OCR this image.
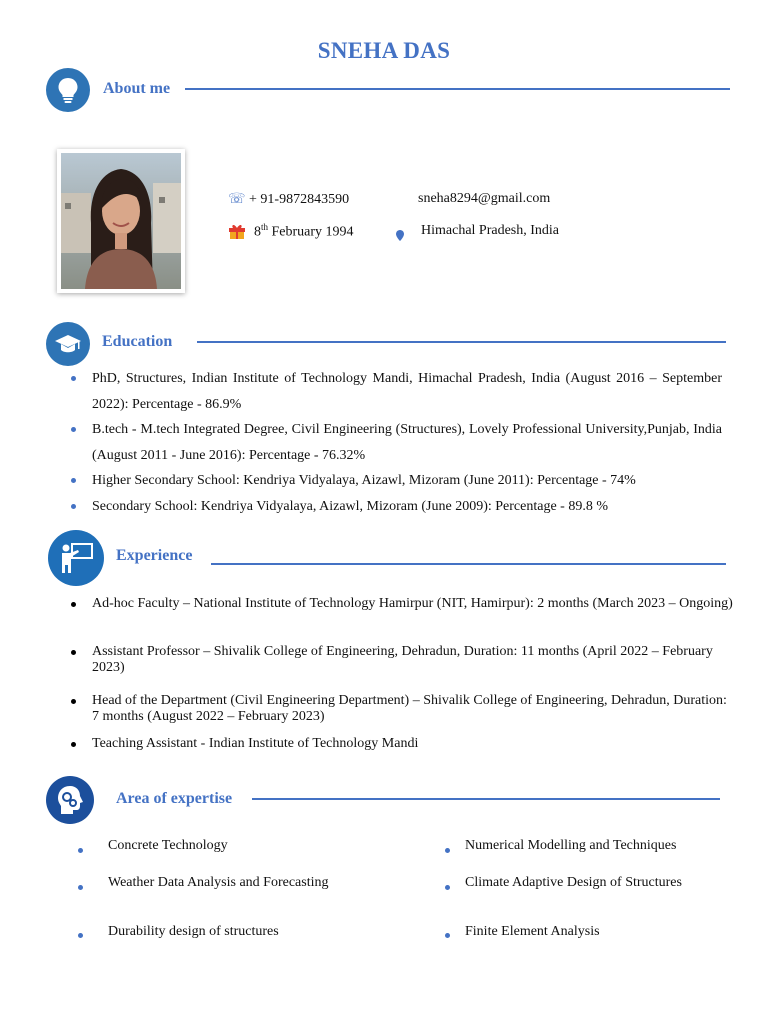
SNEHA DAS
About me
☏ + 91-9872843590	sneha8294@gmail.com
8th February 1994	Himachal Pradesh, India
Education
PhD, Structures, Indian Institute of Technology Mandi, Himachal Pradesh, India (August 2016 – September 2022): Percentage - 86.9%
B.tech - M.tech Integrated Degree, Civil Engineering (Structures), Lovely Professional University,Punjab, India (August 2011 - June 2016): Percentage - 76.32%
Higher Secondary School: Kendriya Vidyalaya, Aizawl, Mizoram (June 2011): Percentage - 74%
Secondary School: Kendriya Vidyalaya, Aizawl, Mizoram (June 2009): Percentage - 89.8 %
Experience
Ad-hoc Faculty – National Institute of Technology Hamirpur (NIT, Hamirpur): 2 months (March 2023 – Ongoing)
Assistant Professor – Shivalik College of Engineering, Dehradun, Duration: 11 months (April 2022 – February 2023)
Head of the Department (Civil Engineering Department) – Shivalik College of Engineering, Dehradun, Duration: 7 months (August 2022 – February 2023)
Teaching Assistant - Indian Institute of Technology Mandi
Area of expertise
Concrete Technology	Numerical Modelling and Techniques
Weather Data Analysis and Forecasting	Climate Adaptive Design of Structures
Durability design of structures	Finite Element Analysis
